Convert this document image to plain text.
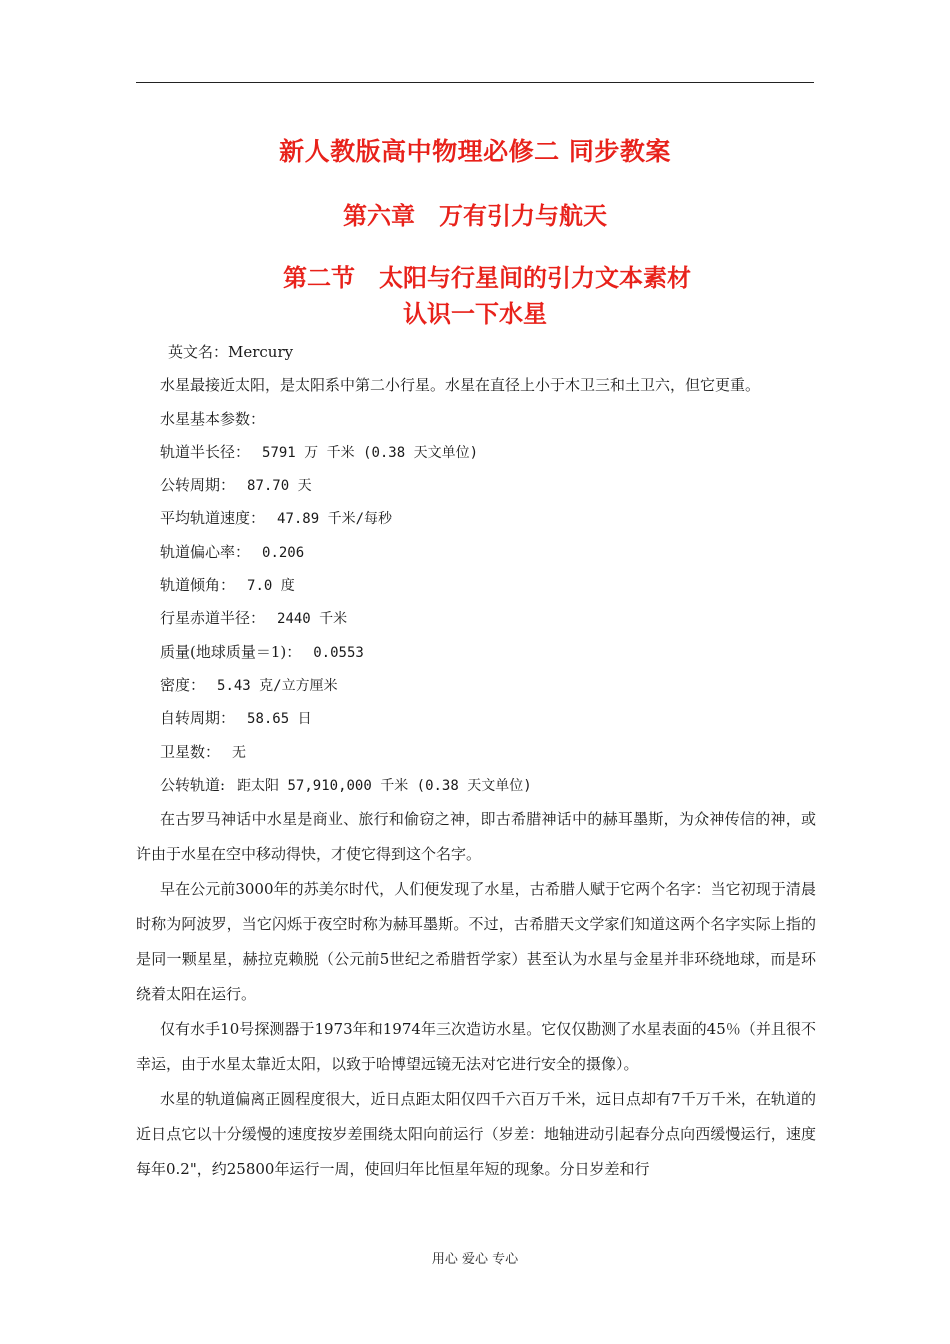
新人教版高中物理必修二 同步教案
第六章　万有引力与航天
第二节　太阳与行星间的引力文本素材
认识一下水星
英文名：Mercury
水星最接近太阳，是太阳系中第二小行星。水星在直径上小于木卫三和土卫六，但它更重。
水星基本参数：
轨道半长径： 5791 万 千米 (0.38 天文单位)
公转周期： 87.70 天
平均轨道速度： 47.89 千米/每秒
轨道偏心率： 0.206
轨道倾角： 7.0 度
行星赤道半径： 2440 千米
质量(地球质量＝1)： 0.0553
密度： 5.43 克/立方厘米
自转周期： 58.65 日
卫星数： 无
公转轨道: 距太阳 57,910,000 千米 (0.38 天文单位)

在古罗马神话中水星是商业、旅行和偷窃之神，即古希腊神话中的赫耳墨斯，为众神传信的神，或许由于水星在空中移动得快，才使它得到这个名字。

早在公元前3000年的苏美尔时代，人们便发现了水星，古希腊人赋于它两个名字：当它初现于清晨时称为阿波罗，当它闪烁于夜空时称为赫耳墨斯。不过，古希腊天文学家们知道这两个名字实际上指的是同一颗星星，赫拉克赖脱（公元前5世纪之希腊哲学家）甚至认为水星与金星并非环绕地球，而是环绕着太阳在运行。

仅有水手10号探测器于1973年和1974年三次造访水星。它仅仅勘测了水星表面的45％（并且很不幸运，由于水星太靠近太阳，以致于哈博望远镜无法对它进行安全的摄像）。

水星的轨道偏离正圆程度很大，近日点距太阳仅四千六百万千米，远日点却有7千万千米，在轨道的近日点它以十分缓慢的速度按岁差围绕太阳向前运行（岁差：地轴进动引起春分点向西缓慢运行，速度每年0.2"，约25800年运行一周，使回归年比恒星年短的现象。分日岁差和行

用心 爱心 专心
